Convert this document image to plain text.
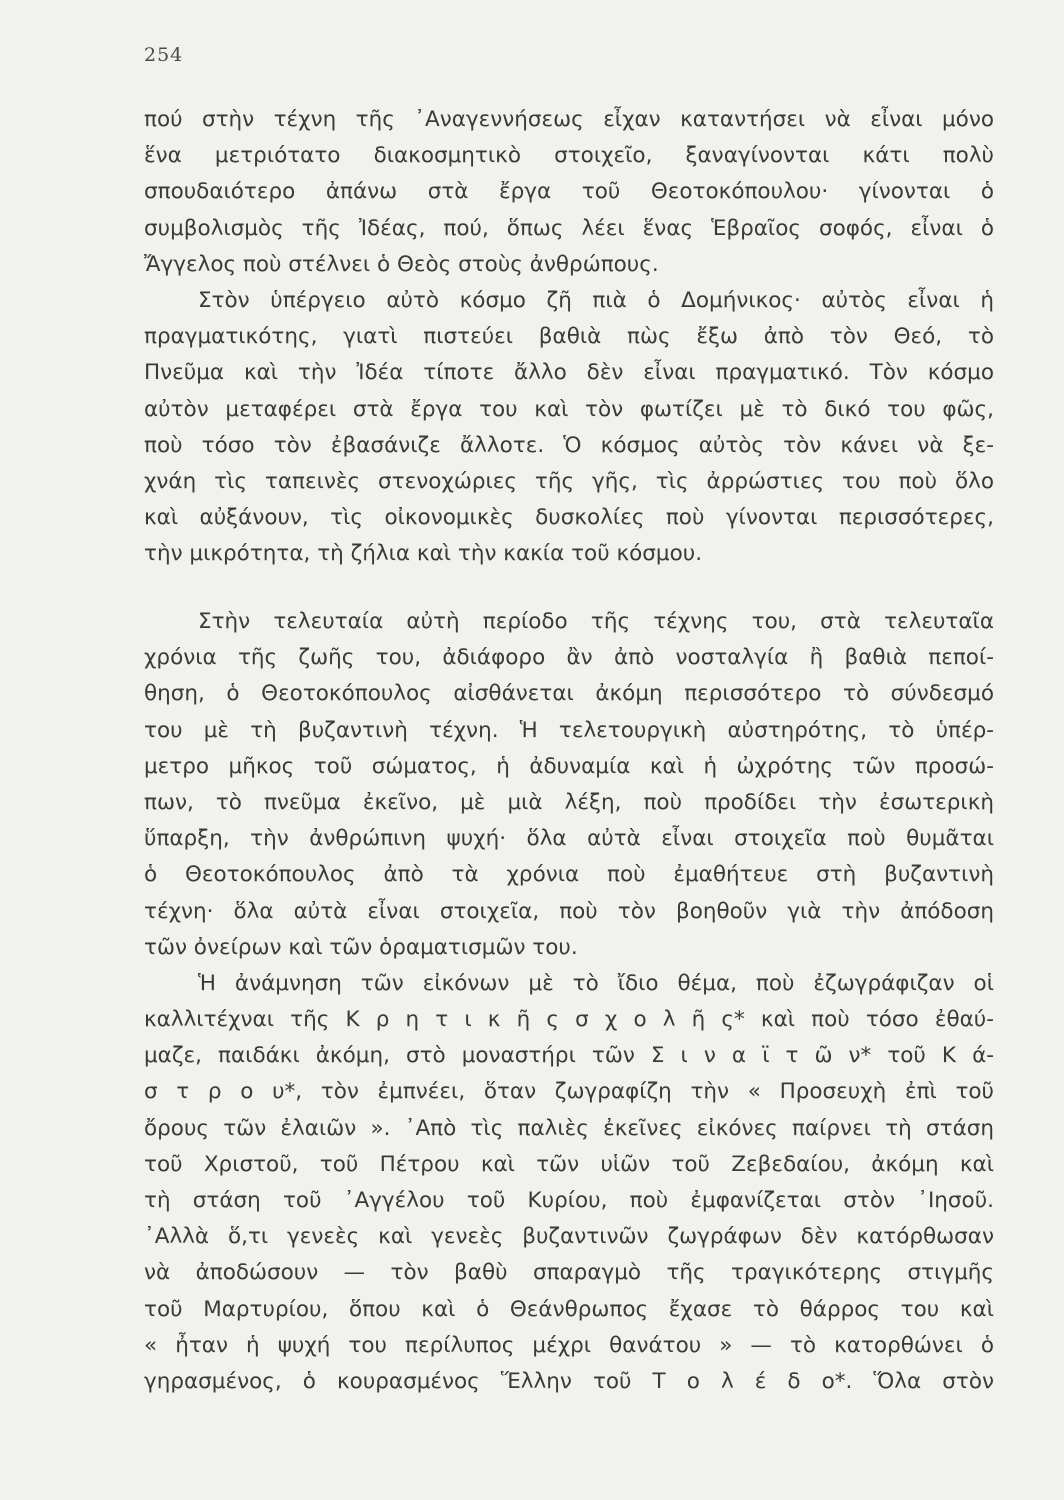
254
πού στὴν τέχνη τῆς ᾿Αναγεννήσεως εἶχαν καταντήσει νὰ εἶναι μόνο
ἕνα μετριότατο διακοσμητικὸ στοιχεῖο, ξαναγίνονται κάτι πολὺ
σπουδαιότερο ἀπάνω στὰ ἔργα τοῦ Θεοτοκόπουλου· γίνονται ὁ
συμβολισμὸς τῆς Ἰδέας, πού, ὅπως λέει ἕνας Ἑβραῖος σοφός, εἶναι ὁ
Ἄγγελος ποὺ στέλνει ὁ Θεὸς στοὺς ἀνθρώπους.
Στὸν ὑπέργειο αὐτὸ κόσμο ζῆ πιὰ ὁ Δομήνικος· αὐτὸς εἶναι ἡ
πραγματικότης, γιατὶ πιστεύει βαθιὰ πὼς ἔξω ἀπὸ τὸν Θεό, τὸ
Πνεῦμα καὶ τὴν Ἰδέα τίποτε ἄλλο δὲν εἶναι πραγματικό. Τὸν κόσμο
αὐτὸν μεταφέρει στὰ ἔργα του καὶ τὸν φωτίζει μὲ τὸ δικό του φῶς,
ποὺ τόσο τὸν ἐβασάνιζε ἄλλοτε. Ὁ κόσμος αὐτὸς τὸν κάνει νὰ ξε-
χνάη τὶς ταπεινὲς στενοχώριες τῆς γῆς, τὶς ἀρρώστιες του ποὺ ὅλο
καὶ αὐξάνουν, τὶς οἰκονομικὲς δυσκολίες ποὺ γίνονται περισσότερες,
τὴν μικρότητα, τὴ ζήλια καὶ τὴν κακία τοῦ κόσμου.
Στὴν τελευταία αὐτὴ περίοδο τῆς τέχνης του, στὰ τελευταῖα
χρόνια τῆς ζωῆς του, ἀδιάφορο ἂν ἀπὸ νοσταλγία ἢ βαθιὰ πεποί-
θηση, ὁ Θεοτοκόπουλος αἰσθάνεται ἀκόμη περισσότερο τὸ σύνδεσμό
του μὲ τὴ βυζαντινὴ τέχνη. Ἡ τελετουργικὴ αὐστηρότης, τὸ ὑπέρ-
μετρο μῆκος τοῦ σώματος, ἡ ἀδυναμία καὶ ἡ ὠχρότης τῶν προσώ-
πων, τὸ πνεῦμα ἐκεῖνο, μὲ μιὰ λέξη, ποὺ προδίδει τὴν ἐσωτερικὴ
ὕπαρξη, τὴν ἀνθρώπινη ψυχή· ὅλα αὐτὰ εἶναι στοιχεῖα ποὺ θυμᾶται
ὁ Θεοτοκόπουλος ἀπὸ τὰ χρόνια ποὺ ἐμαθήτευε στὴ βυζαντινὴ
τέχνη· ὅλα αὐτὰ εἶναι στοιχεῖα, ποὺ τὸν βοηθοῦν γιὰ τὴν ἀπόδοση
τῶν ὀνείρων καὶ τῶν ὁραματισμῶν του.
Ἡ ἀνάμνηση τῶν εἰκόνων μὲ τὸ ἴδιο θέμα, ποὺ ἐζωγράφιζαν οἱ
καλλιτέχναι τῆς Κ ρ η τ ι κ ῆ ς σ χ ο λ ῆ ς* καὶ ποὺ τόσο ἐθαύ-
μαζε, παιδάκι ἀκόμη, στὸ μοναστήρι τῶν Σ ι ν α ϊ τ ῶ ν* τοῦ Κ ά-
σ τ ρ ο υ*, τὸν ἐμπνέει, ὅταν ζωγραφίζη τὴν « Προσευχὴ ἐπὶ τοῦ
ὄρους τῶν ἐλαιῶν ». ᾿Απὸ τὶς παλιὲς ἐκεῖνες εἰκόνες παίρνει τὴ στάση
τοῦ Χριστοῦ, τοῦ Πέτρου καὶ τῶν υἱῶν τοῦ Ζεβεδαίου, ἀκόμη καὶ
τὴ στάση τοῦ ᾿Αγγέλου τοῦ Κυρίου, ποὺ ἐμφανίζεται στὸν ᾿Ιησοῦ.
᾿Αλλὰ ὅ,τι γενεὲς καὶ γενεὲς βυζαντινῶν ζωγράφων δὲν κατόρθωσαν
νὰ ἀποδώσουν — τὸν βαθὺ σπαραγμὸ τῆς τραγικότερης στιγμῆς
τοῦ Μαρτυρίου, ὅπου καὶ ὁ Θεάνθρωπος ἔχασε τὸ θάρρος του καὶ
« ἦταν ἡ ψυχή του περίλυπος μέχρι θανάτου » — τὸ κατορθώνει ὁ
γηρασμένος, ὁ κουρασμένος Ἕλλην τοῦ Τ ο λ έ δ ο*. Ὅλα στὸν
